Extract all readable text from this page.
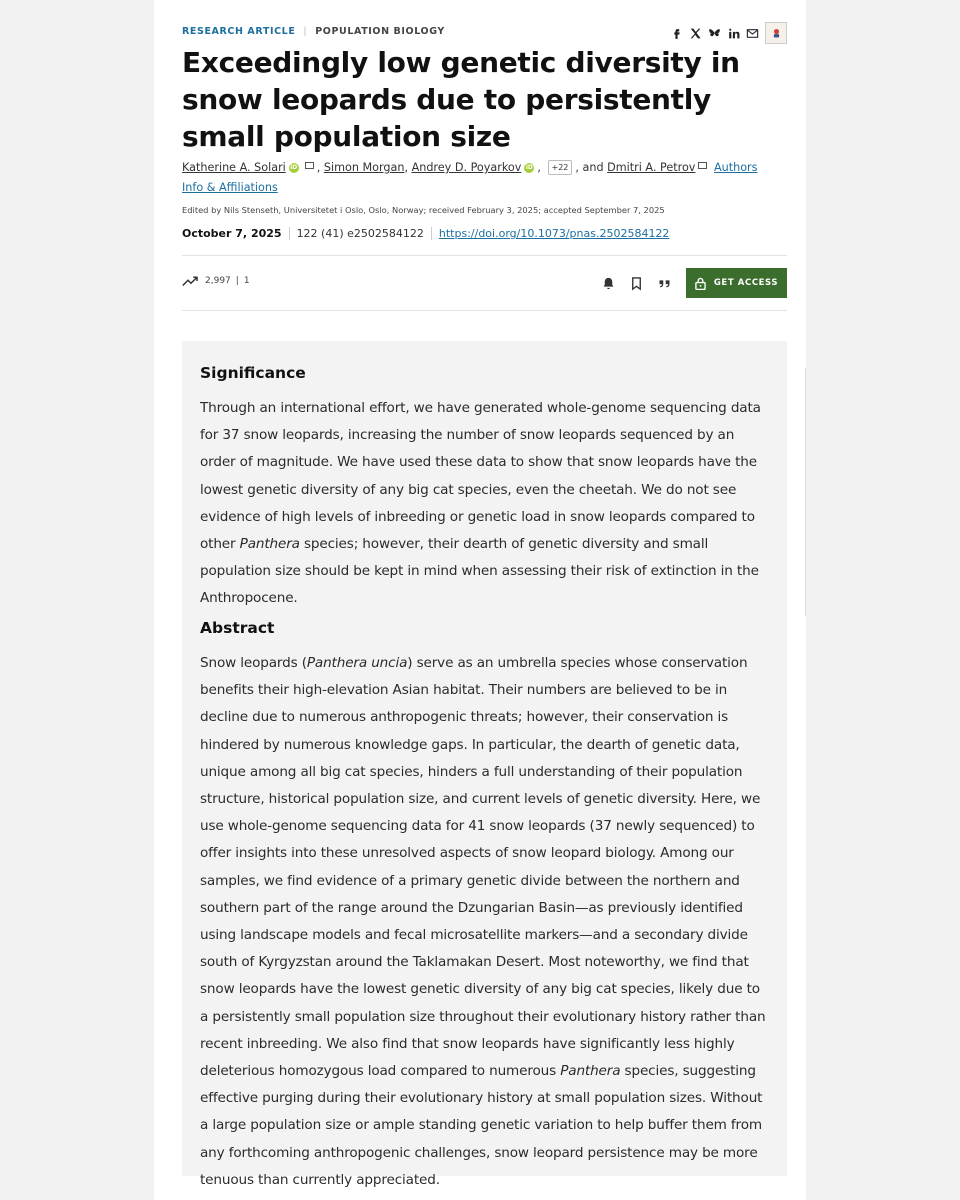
RESEARCH ARTICLE | POPULATION BIOLOGY
Exceedingly low genetic diversity in snow leopards due to persistently small population size
Katherine A. Solari iD , Simon Morgan, Andrey D. Poyarkov iD , +22 , and Dmitri A. Petrov Authors Info & Affiliations
Edited by Nils Stenseth, Universitetet i Oslo, Oslo, Norway; received February 3, 2025; accepted September 7, 2025
October 7, 2025 122 (41) e2502584122 https://doi.org/10.1073/pnas.2502584122
2,997 | 1	GET ACCESS
Significance

Through an international effort, we have generated whole-genome sequencing data for 37 snow leopards, increasing the number of snow leopards sequenced by an order of magnitude. We have used these data to show that snow leopards have the lowest genetic diversity of any big cat species, even the cheetah. We do not see evidence of high levels of inbreeding or genetic load in snow leopards compared to other Panthera species; however, their dearth of genetic diversity and small population size should be kept in mind when assessing their risk of extinction in the Anthropocene.

Abstract

Snow leopards (Panthera uncia) serve as an umbrella species whose conservation benefits their high-elevation Asian habitat. Their numbers are believed to be in decline due to numerous anthropogenic threats; however, their conservation is hindered by numerous knowledge gaps. In particular, the dearth of genetic data, unique among all big cat species, hinders a full understanding of their population structure, historical population size, and current levels of genetic diversity. Here, we use whole-genome sequencing data for 41 snow leopards (37 newly sequenced) to offer insights into these unresolved aspects of snow leopard biology. Among our samples, we find evidence of a primary genetic divide between the northern and southern part of the range around the Dzungarian Basin—as previously identified using landscape models and fecal microsatellite markers—and a secondary divide south of Kyrgyzstan around the Taklamakan Desert. Most noteworthy, we find that snow leopards have the lowest genetic diversity of any big cat species, likely due to a persistently small population size throughout their evolutionary history rather than recent inbreeding. We also find that snow leopards have significantly less highly deleterious homozygous load compared to numerous Panthera species, suggesting effective purging during their evolutionary history at small population sizes. Without a large population size or ample standing genetic variation to help buffer them from any forthcoming anthropogenic challenges, snow leopard persistence may be more tenuous than currently appreciated.
